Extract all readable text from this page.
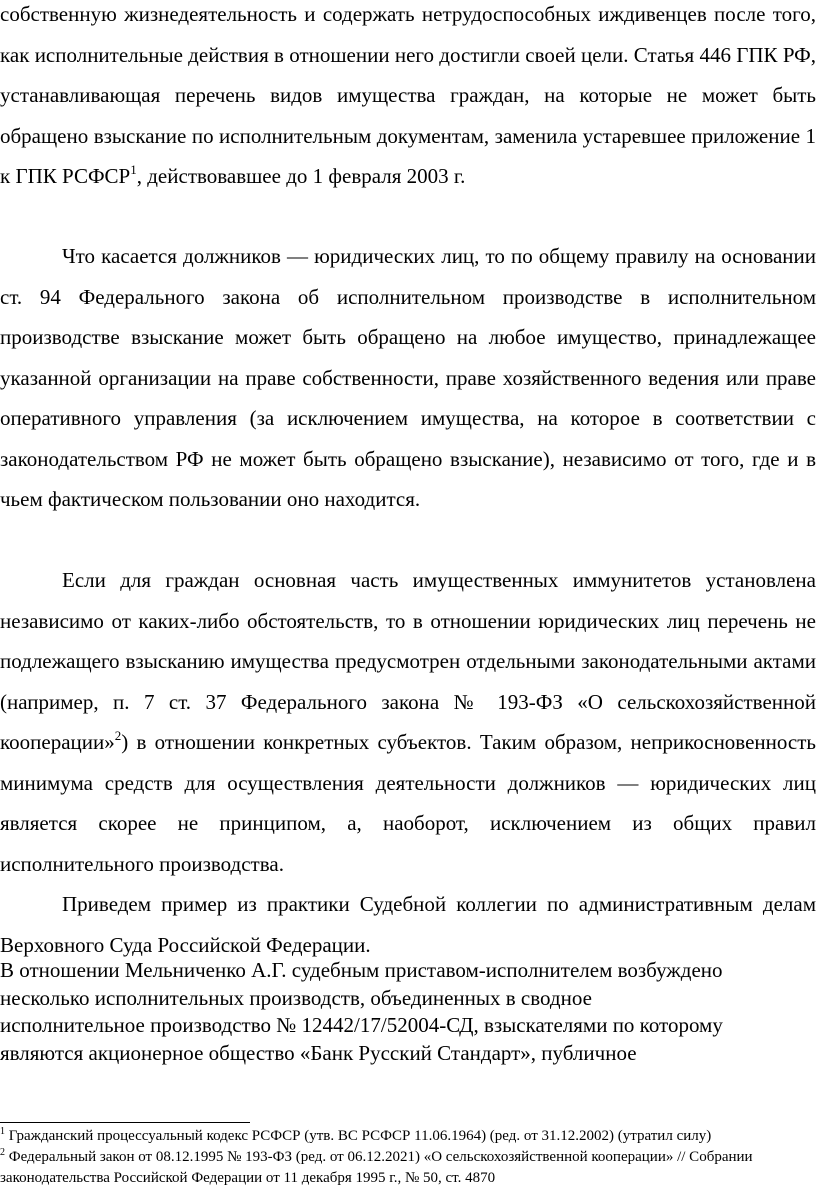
собственную жизнедеятельность и содержать нетрудоспособных иждивенцев после того, как исполнительные действия в отношении него достигли своей цели. Статья 446 ГПК РФ, устанавливающая перечень видов имущества граждан, на которые не может быть обращено взыскание по исполнительным документам, заменила устаревшее приложение 1 к ГПК РСФСР$^1$, действовавшее до 1 февраля 2003 г.

Что касается должников — юридических лиц, то по общему правилу на основании ст. 94 Федерального закона об исполнительном производстве в исполнительном производстве взыскание может быть обращено на любое имущество, принадлежащее указанной организации на праве собственности, праве хозяйственного ведения или праве оперативного управления (за исключением имущества, на которое в соответствии с законодательством РФ не может быть обращено взыскание), независимо от того, где и в чьем фактическом пользовании оно находится.

Если для граждан основная часть имущественных иммунитетов установлена независимо от каких-либо обстоятельств, то в отношении юридических лиц перечень не подлежащего взысканию имущества предусмотрен отдельными законодательными актами (например, п. 7 ст. 37 Федерального закона № 193-ФЗ «О сельскохозяйственной кооперации»$^2$) в отношении конкретных субъектов. Таким образом, неприкосновенность минимума средств для осуществления деятельности должников — юридических лиц является скорее не принципом, а, наоборот, исключением из общих правил исполнительного производства.

Приведем пример из практики Судебной коллегии по административным делам Верховного Суда Российской Федерации.

В отношении Мельниченко А.Г. судебным приставом-исполнителем возбуждено
несколько исполнительных производств, объединенных в сводное
исполнительное производство № 12442/17/52004-СД, взыскателями по которому
являются акционерное общество «Банк Русский Стандарт», публичное

$^1$ Гражданский процессуальный кодекс РСФСР (утв. ВС РСФСР 11.06.1964) (ред. от 31.12.2002) (утратил силу)

$^2$ Федеральный закон от 08.12.1995 № 193-ФЗ (ред. от 06.12.2021) «О сельскохозяйственной кооперации» // Собрании законодательства Российской Федерации от 11 декабря 1995 г., № 50, ст. 4870
